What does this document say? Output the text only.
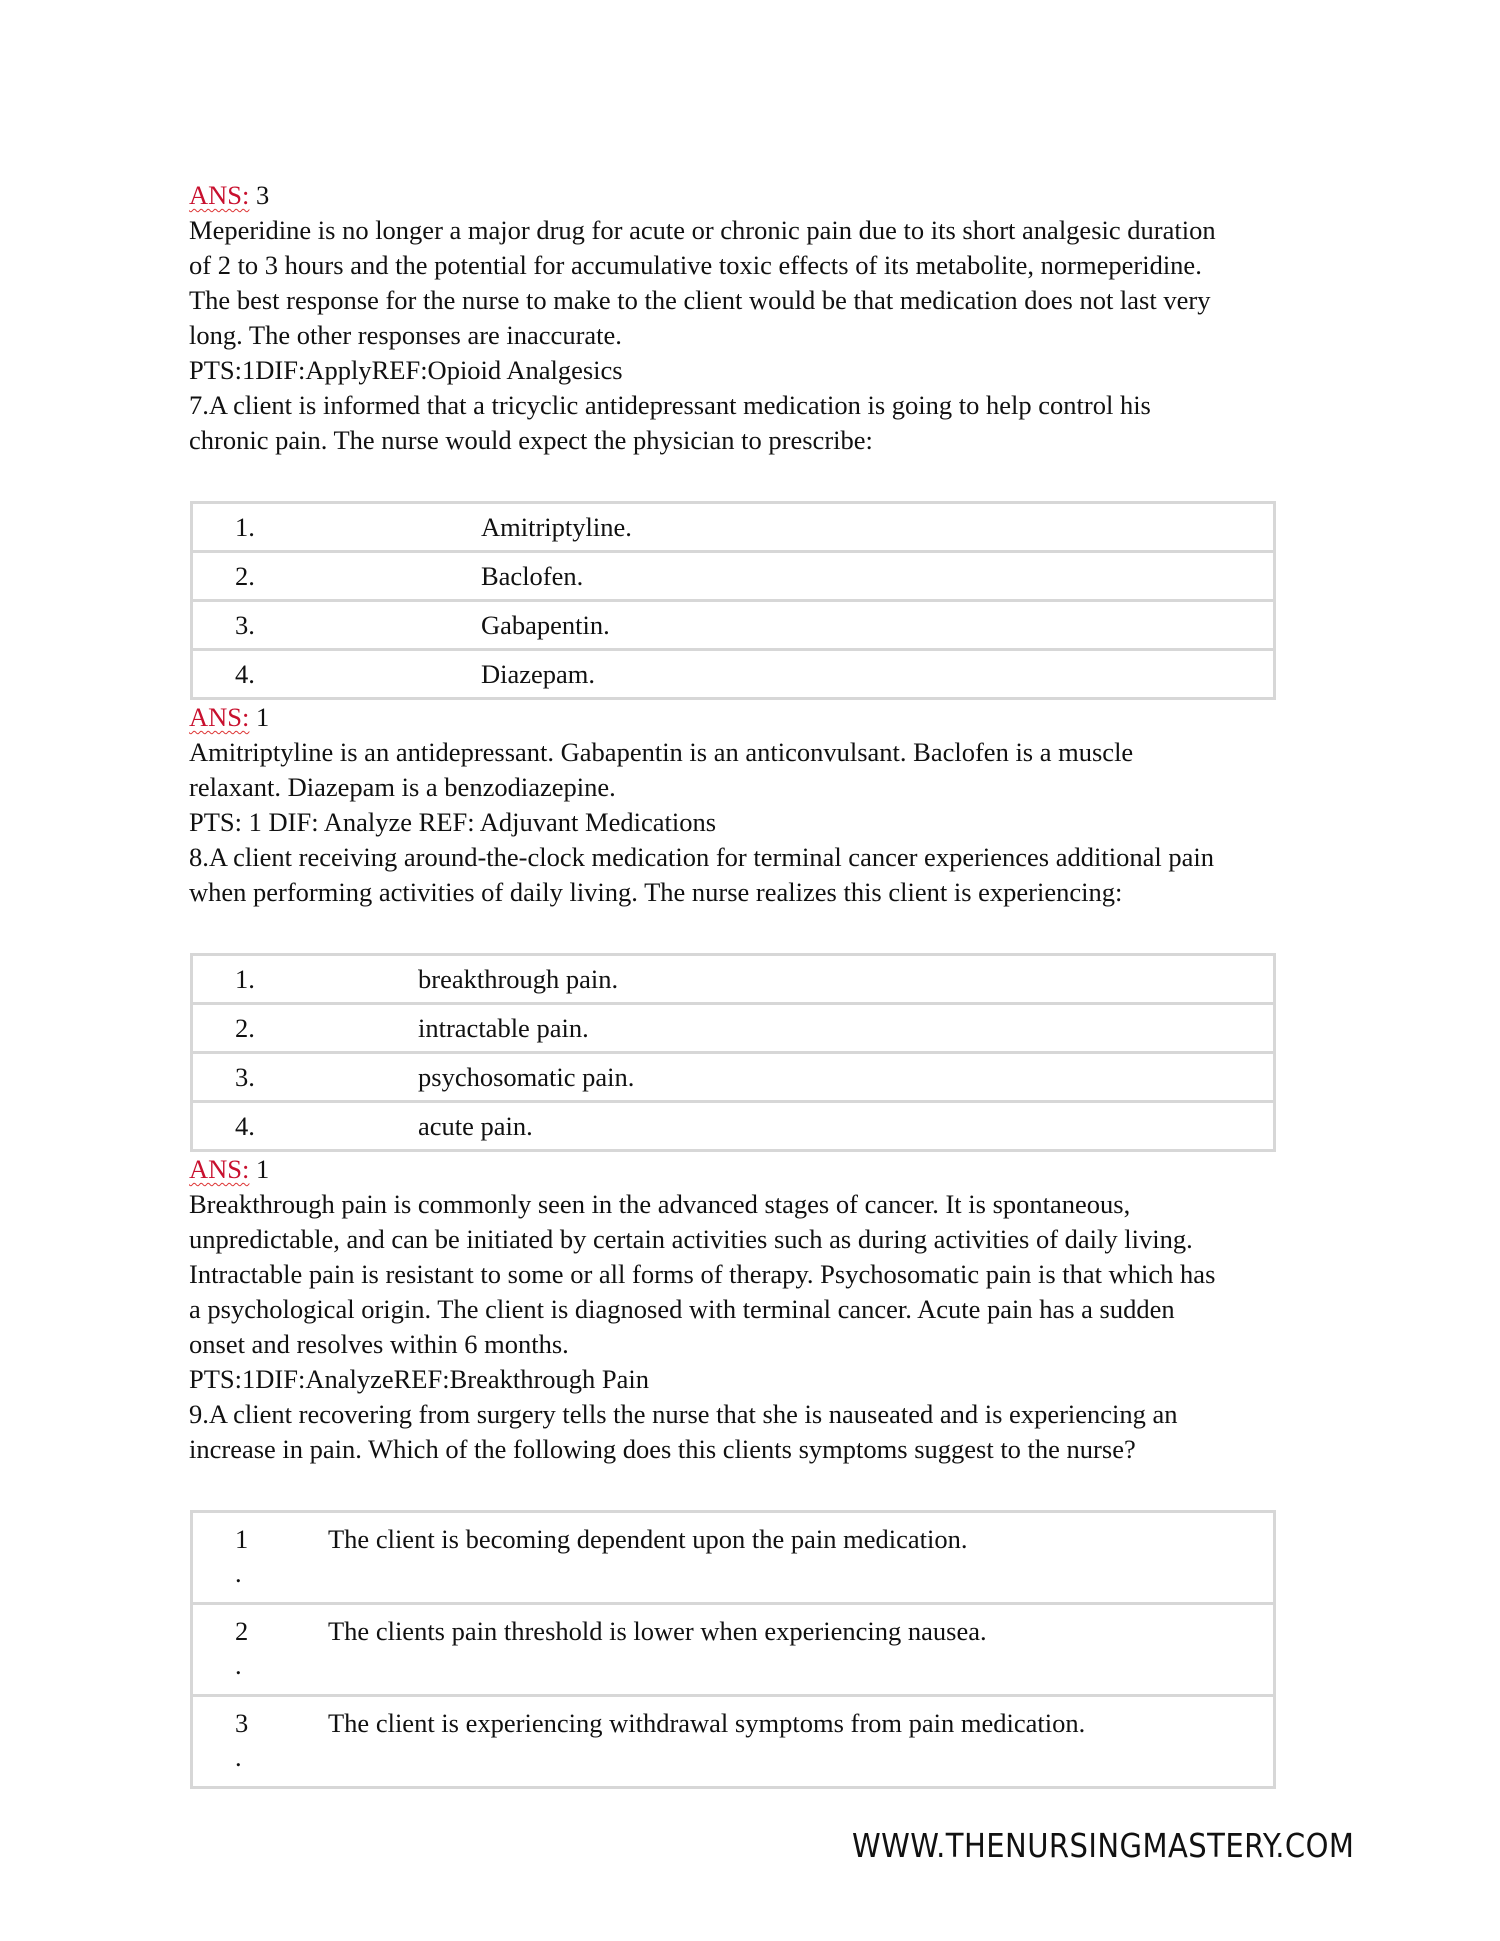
ANS: 3

Meperidine is no longer a major drug for acute or chronic pain due to its short analgesic duration

of 2 to 3 hours and the potential for accumulative toxic effects of its metabolite, normeperidine.

The best response for the nurse to make to the client would be that medication does not last very

long. The other responses are inaccurate.

PTS:1DIF:ApplyREF:Opioid Analgesics

7.A client is informed that a tricyclic antidepressant medication is going to help control his

chronic pain. The nurse would expect the physician to prescribe:

1.	Amitriptyline.
2.	Baclofen.
3.	Gabapentin.
4.	Diazepam.

ANS: 1

Amitriptyline is an antidepressant. Gabapentin is an anticonvulsant. Baclofen is a muscle

relaxant. Diazepam is a benzodiazepine.

PTS: 1 DIF: Analyze REF: Adjuvant Medications

8.A client receiving around-the-clock medication for terminal cancer experiences additional pain

when performing activities of daily living. The nurse realizes this client is experiencing:

1.	breakthrough pain.
2.	intractable pain.
3.	psychosomatic pain.
4.	acute pain.

ANS: 1

Breakthrough pain is commonly seen in the advanced stages of cancer. It is spontaneous,

unpredictable, and can be initiated by certain activities such as during activities of daily living.

Intractable pain is resistant to some or all forms of therapy. Psychosomatic pain is that which has

a psychological origin. The client is diagnosed with terminal cancer. Acute pain has a sudden

onset and resolves within 6 months.

PTS:1DIF:AnalyzeREF:Breakthrough Pain

9.A client recovering from surgery tells the nurse that she is nauseated and is experiencing an

increase in pain. Which of the following does this clients symptoms suggest to the nurse?

1
.	The client is becoming dependent upon the pain medication.
2
.	The clients pain threshold is lower when experiencing nausea.
3
.	The client is experiencing withdrawal symptoms from pain medication.
WWW.THENURSINGMASTERY.COM
